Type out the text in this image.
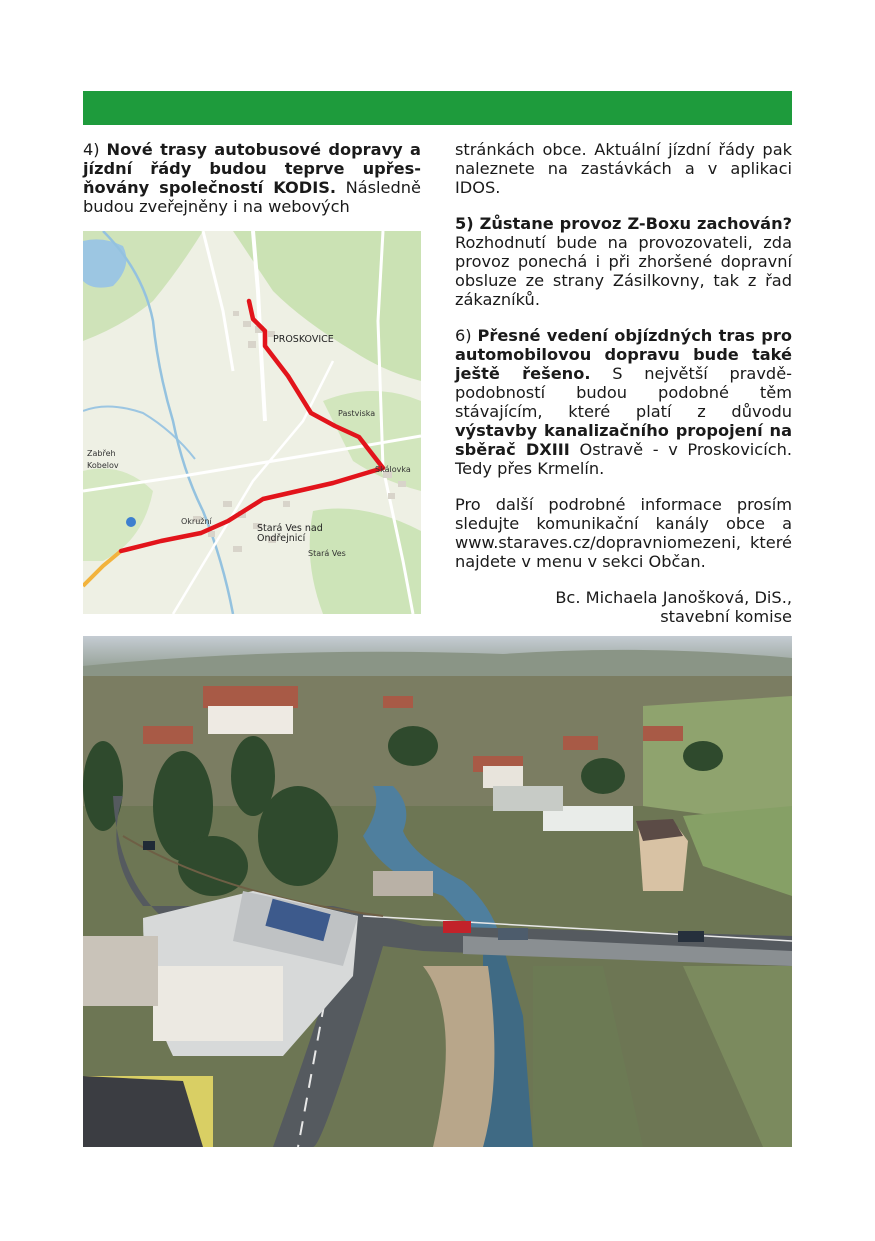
4) Nové trasy autobusové dopravy a jízdní řády budou teprve upřesňovány společností KODIS. Následně budou zveřejněny i na webových

PROSKOVICE
Stará Ves nad Ondřejnicí
Zabřeh
Kobelov
Okružní
Pastviska
Stará Ves
Skálovka

stránkách obce. Aktuální jízdní řády pak naleznete na zastávkách a v aplikaci IDOS.

5) Zůstane provoz Z-Boxu zachován? Rozhodnutí bude na provozovateli, zda provoz ponechá i při zhoršené dopravní obsluze ze strany Zásilkovny, tak z řad zákazníků.

6) Přesné vedení objízdných tras pro automobilovou dopravu bude také ještě řešeno. S největší pravděpodobností budou podobné těm stávajícím, které platí z důvodu výstavby kanalizačního propojení na sběrač DXIII Ostravě - v Proskovicích. Tedy přes Krmelín.

Pro další podrobné informace prosím sledujte komunikační kanály obce a www.staraves.cz/dopravniomezeni, které najdete v menu v sekci Občan.

Bc. Michaela Janošková, DiS.,
stavební komise
